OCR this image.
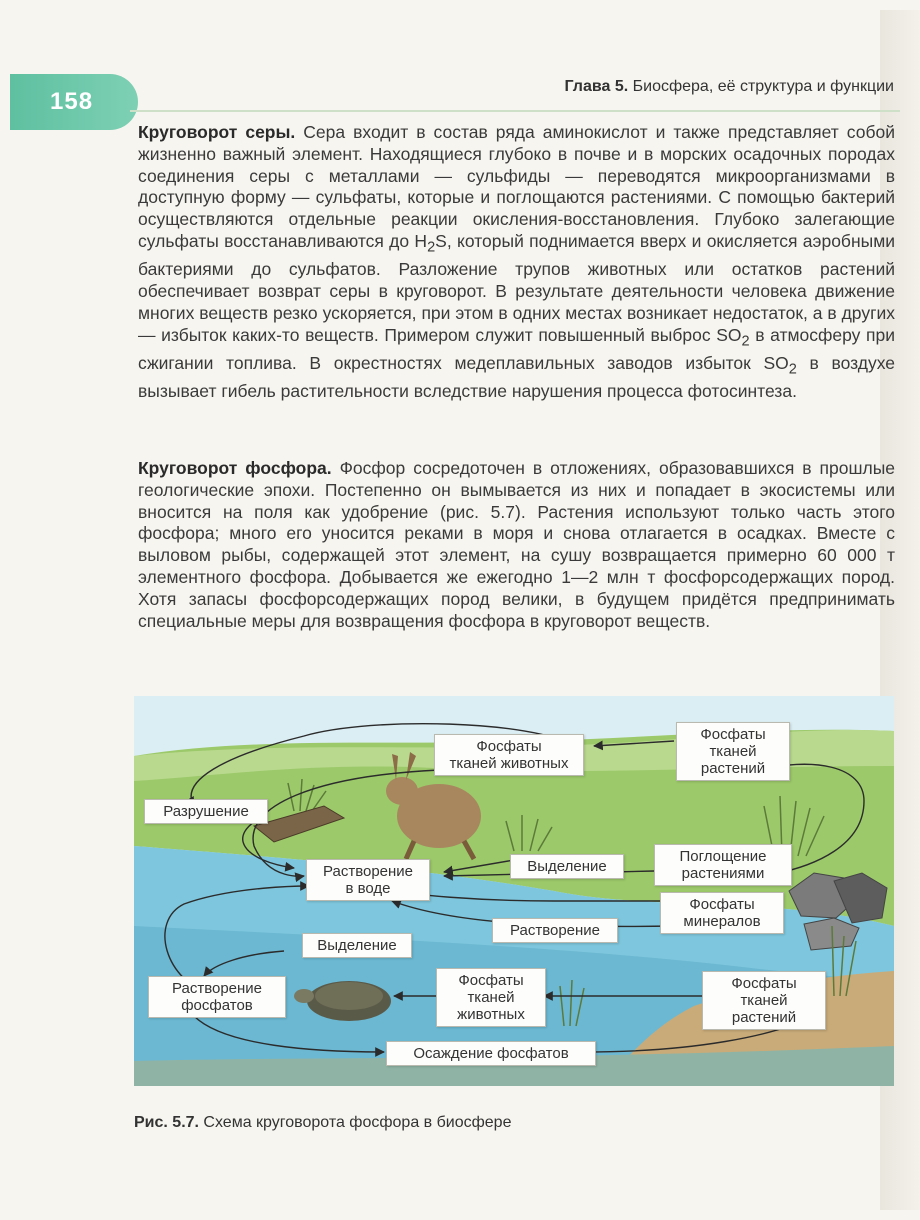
158
Глава 5. Биосфера, её структура и функции

Круговорот серы. Сера входит в состав ряда аминокислот и также представляет собой жизненно важный элемент. Находящиеся глубоко в почве и в морских осадочных породах соединения серы с металлами — сульфиды — переводятся микроорганизмами в доступную форму — сульфаты, которые и поглощаются растениями. С помощью бактерий осуществляются отдельные реакции окисления-восстановления. Глубоко залегающие сульфаты восстанавливаются до $H_2S$, который поднимается вверх и окисляется аэробными бактериями до сульфатов. Разложение трупов животных или остатков растений обеспечивает возврат серы в круговорот. В результате деятельности человека движение многих веществ резко ускоряется, при этом в одних местах возникает недостаток, а в других — избыток каких-то веществ. Примером служит повышенный выброс $SO_2$ в атмосферу при сжигании топлива. В окрестностях медеплавильных заводов избыток $SO_2$ в воздухе вызывает гибель растительности вследствие нарушения процесса фотосинтеза.

Круговорот фосфора. Фосфор сосредоточен в отложениях, образовавшихся в прошлые геологические эпохи. Постепенно он вымывается из них и попадает в экосистемы или вносится на поля как удобрение (рис. 5.7). Растения используют только часть этого фосфора; много его уносится реками в моря и снова отлагается в осадках. Вместе с выловом рыбы, содержащей этот элемент, на сушу возвращается примерно 60 000 т элементного фосфора. Добывается же ежегодно 1—2 млн т фосфорсодержащих пород. Хотя запасы фосфорсодержащих пород велики, в будущем придётся предпринимать специальные меры для возвращения фосфора в круговорот веществ.

Фосфаты
тканей животных
Фосфаты
тканей
растений
Разрушение
Растворение
в воде
Выделение
Поглощение
растениями
Фосфаты
минералов
Растворение
Выделение
Растворение
фосфатов
Фосфаты
тканей
животных
Фосфаты
тканей
растений
Осаждение фосфатов
Рис. 5.7. Схема круговорота фосфора в биосфере
